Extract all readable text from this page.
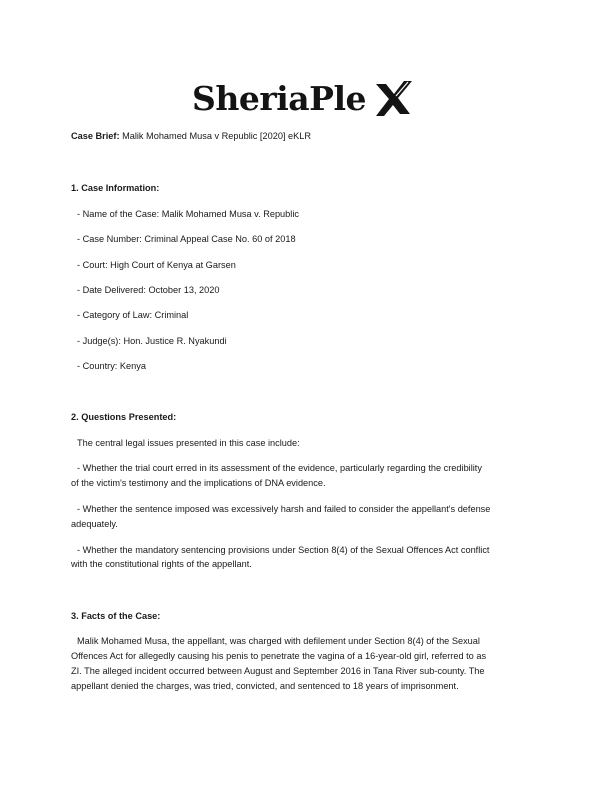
SheriaPle
Case Brief: Malik Mohamed Musa v Republic [2020] eKLR
1. Case Information:
- Name of the Case: Malik Mohamed Musa v. Republic
- Case Number: Criminal Appeal Case No. 60 of 2018
- Court: High Court of Kenya at Garsen
- Date Delivered: October 13, 2020
- Category of Law: Criminal
- Judge(s): Hon. Justice R. Nyakundi
- Country: Kenya
2. Questions Presented:
The central legal issues presented in this case include:
- Whether the trial court erred in its assessment of the evidence, particularly regarding the credibility
of the victim's testimony and the implications of DNA evidence.
- Whether the sentence imposed was excessively harsh and failed to consider the appellant's defense
adequately.
- Whether the mandatory sentencing provisions under Section 8(4) of the Sexual Offences Act conflict
with the constitutional rights of the appellant.
3. Facts of the Case:
Malik Mohamed Musa, the appellant, was charged with defilement under Section 8(4) of the Sexual
Offences Act for allegedly causing his penis to penetrate the vagina of a 16-year-old girl, referred to as
ZI. The alleged incident occurred between August and September 2016 in Tana River sub-county. The
appellant denied the charges, was tried, convicted, and sentenced to 18 years of imprisonment.
